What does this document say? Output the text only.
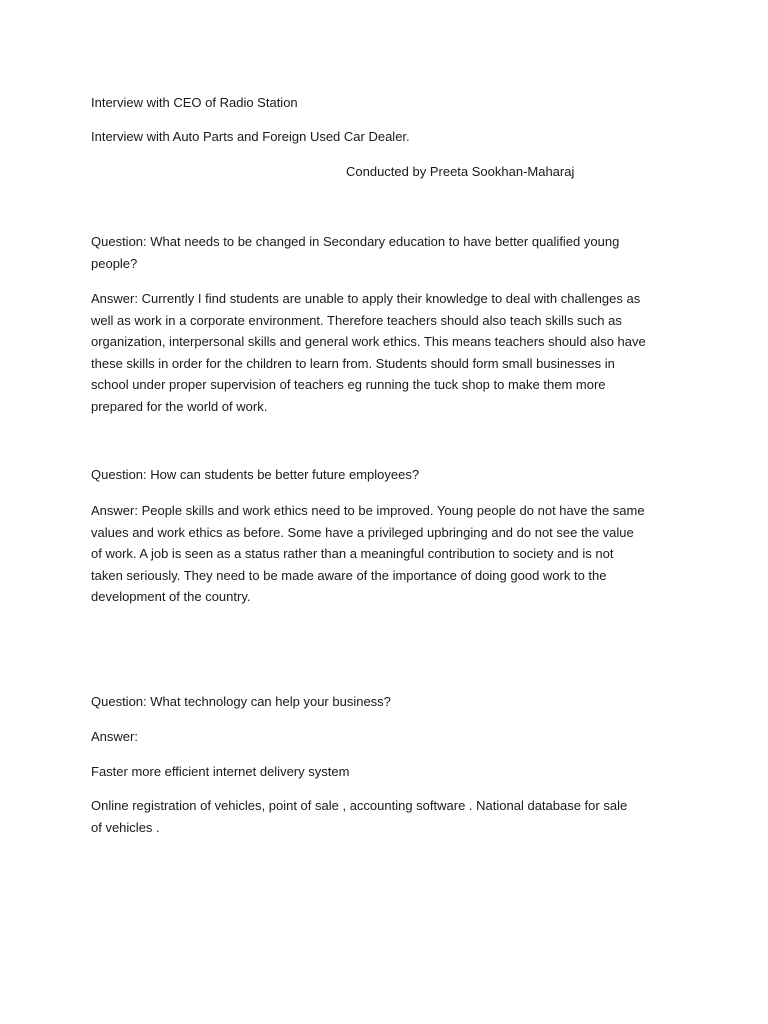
Interview with CEO of Radio Station
Interview with Auto Parts and Foreign Used Car Dealer.
Conducted by Preeta Sookhan-Maharaj

Question: What needs to be changed in Secondary education to have better qualified young
people?

Answer: Currently I find students are unable to apply their knowledge to deal with challenges as
well as work in a corporate environment. Therefore teachers should also teach skills such as
organization, interpersonal skills and general work ethics. This means teachers should also have
these skills in order for the children to learn from. Students should form small businesses in
school under proper supervision of teachers eg running the tuck shop to make them more
prepared for the world of work.

Question: How can students be better future employees?

Answer: People skills and work ethics need to be improved. Young people do not have the same
values and work ethics as before. Some have a privileged upbringing and do not see the value
of work. A job is seen as a status rather than a meaningful contribution to society and is not
taken seriously. They need to be made aware of the importance of doing good work to the
development of the country.

Question: What technology can help your business?
Answer:
Faster more efficient internet delivery system

Online registration of vehicles, point of sale , accounting software . National database for sale
of vehicles .
